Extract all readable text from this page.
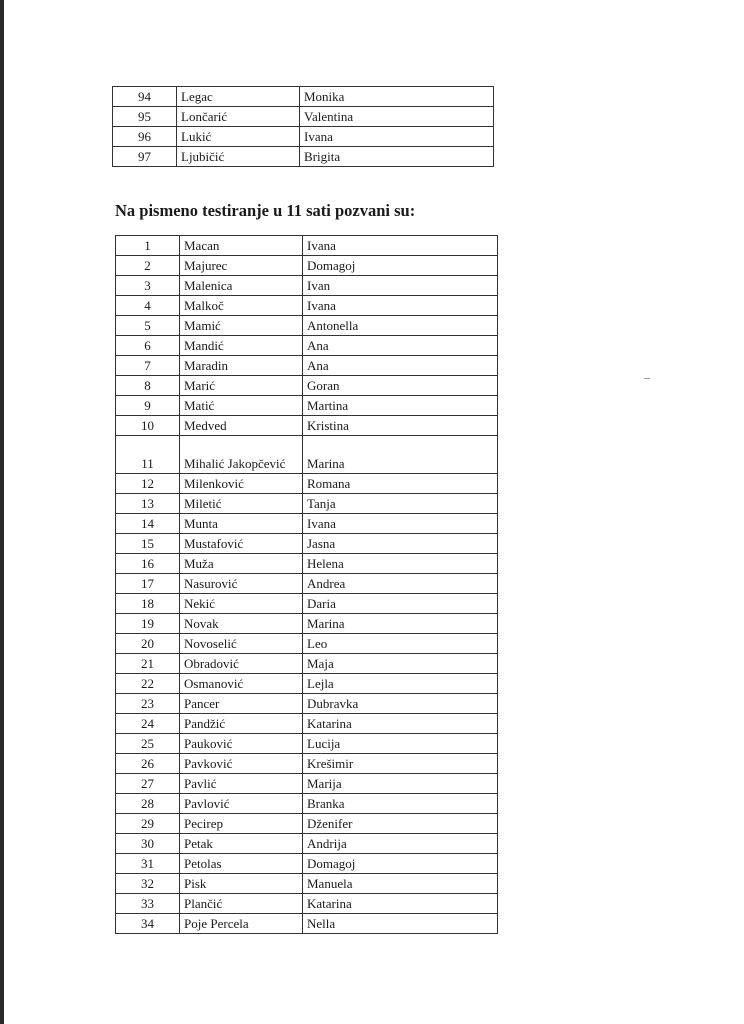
94	Legac	Monika
95	Lončarić	Valentina
96	Lukić	Ivana
97	Ljubičić	Brigita
Na pismeno testiranje u 11 sati pozvani su:
1	Macan	Ivana
2	Majurec	Domagoj
3	Malenica	Ivan
4	Malkoč	Ivana
5	Mamić	Antonella
6	Mandić	Ana
7	Maradin	Ana
8	Marić	Goran
9	Matić	Martina
10	Medved	Kristina
11	Mihalić Jakopčević	Marina
12	Milenković	Romana
13	Miletić	Tanja
14	Munta	Ivana
15	Mustafović	Jasna
16	Muža	Helena
17	Nasurović	Andrea
18	Nekić	Daria
19	Novak	Marina
20	Novoselić	Leo
21	Obradović	Maja
22	Osmanović	Lejla
23	Pancer	Dubravka
24	Pandžić	Katarina
25	Pauković	Lucija
26	Pavković	Krešimir
27	Pavlić	Marija
28	Pavlović	Branka
29	Pecirep	Dženifer
30	Petak	Andrija
31	Petolas	Domagoj
32	Pisk	Manuela
33	Plančić	Katarina
34	Poje Percela	Nella
